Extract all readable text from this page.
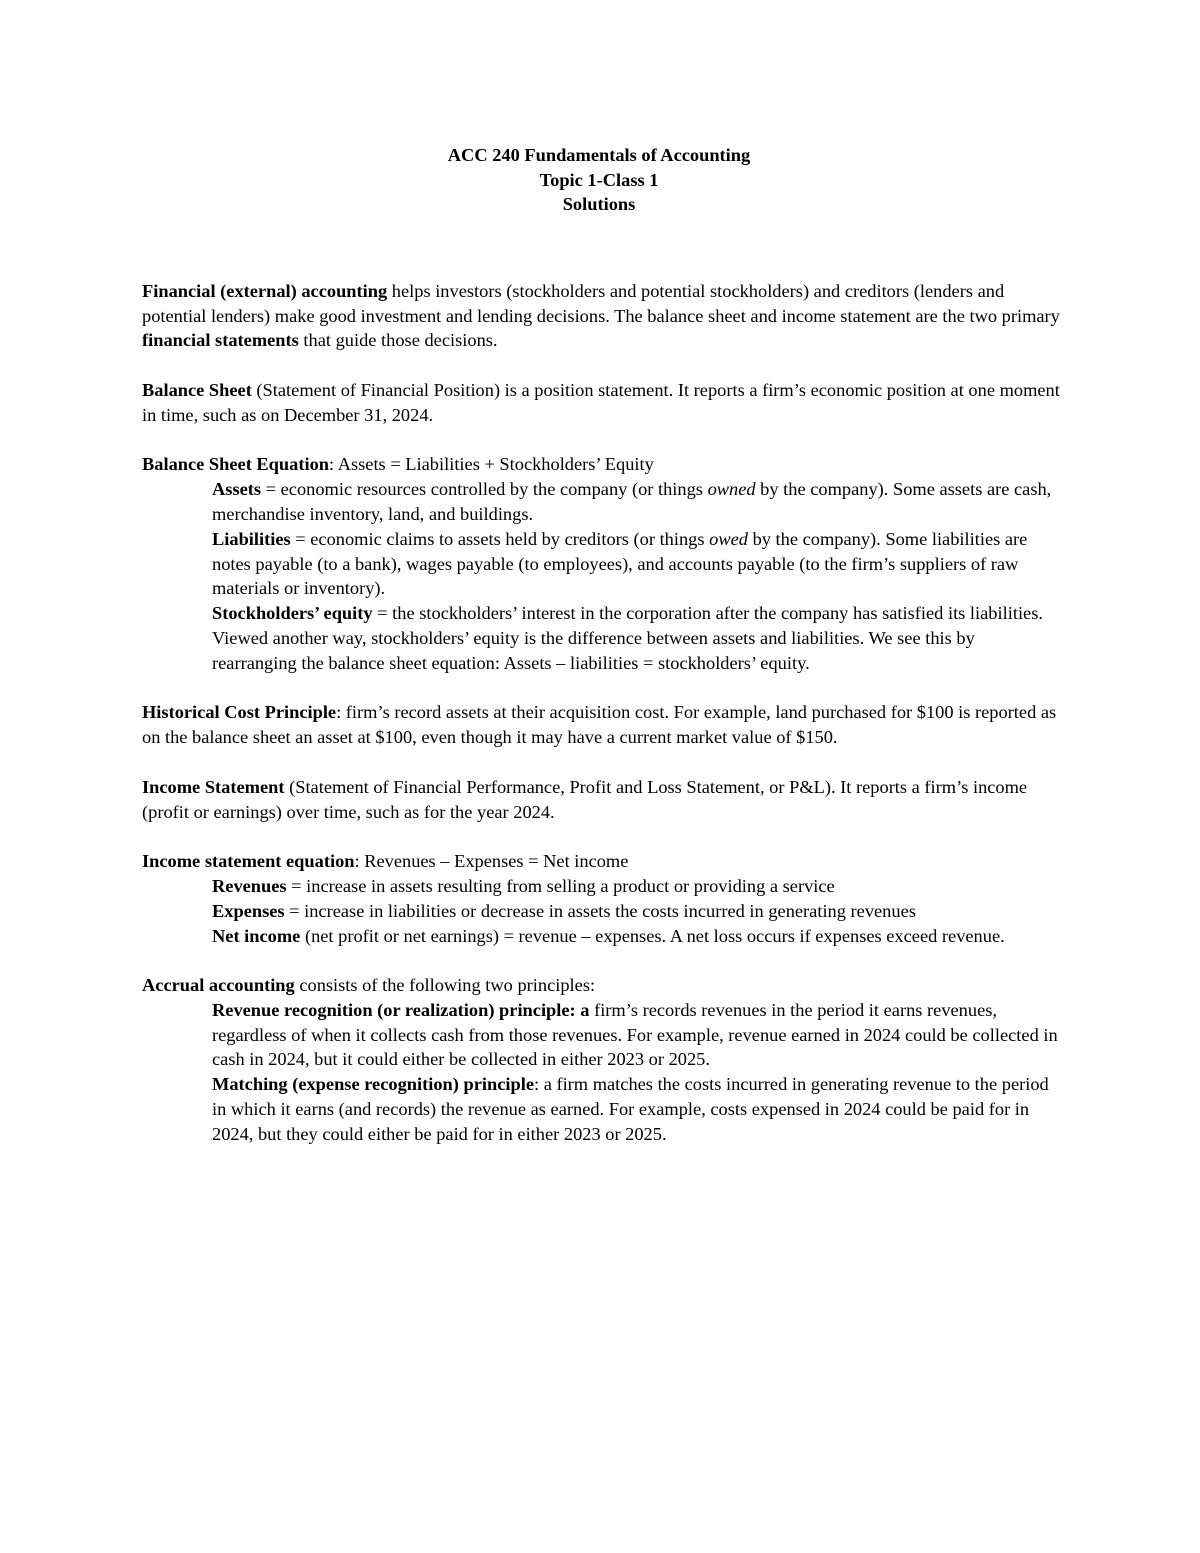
ACC 240 Fundamentals of Accounting
Topic 1-Class 1
Solutions

Financial (external) accounting helps investors (stockholders and potential stockholders) and creditors (lenders and potential lenders) make good investment and lending decisions. The balance sheet and income statement are the two primary financial statements that guide those decisions.

Balance Sheet (Statement of Financial Position) is a position statement. It reports a firm’s economic position at one moment in time, such as on December 31, 2024.

Balance Sheet Equation: Assets = Liabilities + Stockholders’ Equity

Assets = economic resources controlled by the company (or things owned by the company). Some assets are cash, merchandise inventory, land, and buildings.

Liabilities = economic claims to assets held by creditors (or things owed by the company). Some liabilities are notes payable (to a bank), wages payable (to employees), and accounts payable (to the firm’s suppliers of raw materials or inventory).

Stockholders’ equity = the stockholders’ interest in the corporation after the company has satisfied its liabilities. Viewed another way, stockholders’ equity is the difference between assets and liabilities. We see this by rearranging the balance sheet equation: Assets – liabilities = stockholders’ equity.

Historical Cost Principle: firm’s record assets at their acquisition cost. For example, land purchased for $100 is reported as on the balance sheet an asset at $100, even though it may have a current market value of $150.

Income Statement (Statement of Financial Performance, Profit and Loss Statement, or P&L). It reports a firm’s income (profit or earnings) over time, such as for the year 2024.

Income statement equation: Revenues – Expenses = Net income

Revenues = increase in assets resulting from selling a product or providing a service

Expenses = increase in liabilities or decrease in assets the costs incurred in generating revenues

Net income (net profit or net earnings) = revenue – expenses. A net loss occurs if expenses exceed revenue.

Accrual accounting consists of the following two principles:

Revenue recognition (or realization) principle: a firm’s records revenues in the period it earns revenues, regardless of when it collects cash from those revenues. For example, revenue earned in 2024 could be collected in cash in 2024, but it could either be collected in either 2023 or 2025.

Matching (expense recognition) principle: a firm matches the costs incurred in generating revenue to the period in which it earns (and records) the revenue as earned. For example, costs expensed in 2024 could be paid for in 2024, but they could either be paid for in either 2023 or 2025.
